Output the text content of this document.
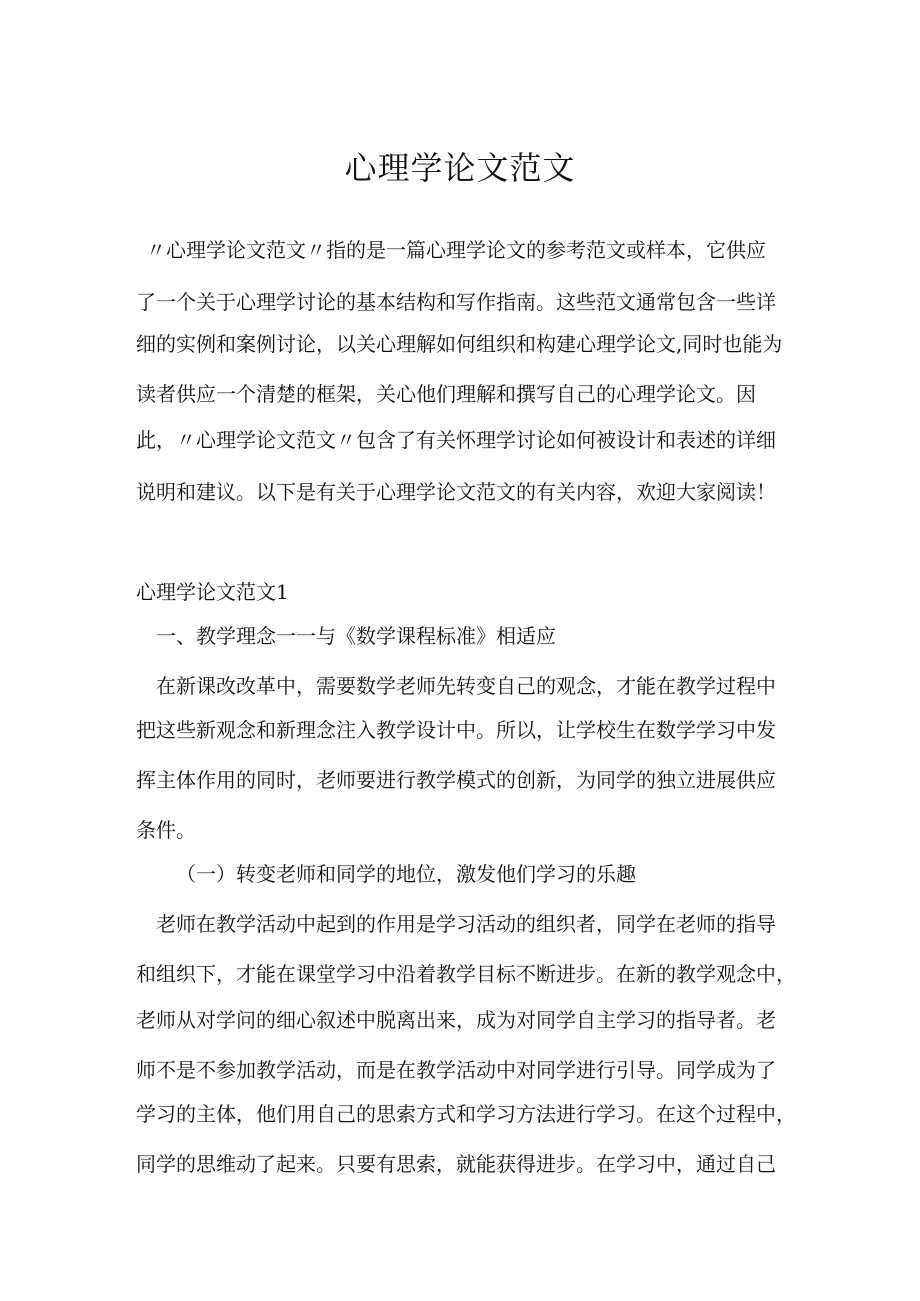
心理学论文范文

〃心理学论文范文〃指的是一篇心理学论文的参考范文或样本，它供应

了一个关于心理学讨论的基本结构和写作指南。这些范文通常包含一些详

细的实例和案例讨论，以关心理解如何组织和构建心理学论文,同时也能为

读者供应一个清楚的框架，关心他们理解和撰写自己的心理学论文。因

此，〃心理学论文范文〃包含了有关怀理学讨论如何被设计和表述的详细

说明和建议。以下是有关于心理学论文范文的有关内容，欢迎大家阅读！

心理学论文范文1

一、教学理念一一与《数学课程标准》相适应

在新课改改革中，需要数学老师先转变自己的观念，才能在教学过程中

把这些新观念和新理念注入教学设计中。所以，让学校生在数学学习中发

挥主体作用的同时，老师要进行教学模式的创新，为同学的独立进展供应

条件。

（一）转变老师和同学的地位，激发他们学习的乐趣

老师在教学活动中起到的作用是学习活动的组织者，同学在老师的指导

和组织下，才能在课堂学习中沿着教学目标不断进步。在新的教学观念中，

老师从对学问的细心叙述中脱离出来，成为对同学自主学习的指导者。老

师不是不参加教学活动，而是在教学活动中对同学进行引导。同学成为了

学习的主体，他们用自己的思索方式和学习方法进行学习。在这个过程中，

同学的思维动了起来。只要有思索，就能获得进步。在学习中，通过自己
